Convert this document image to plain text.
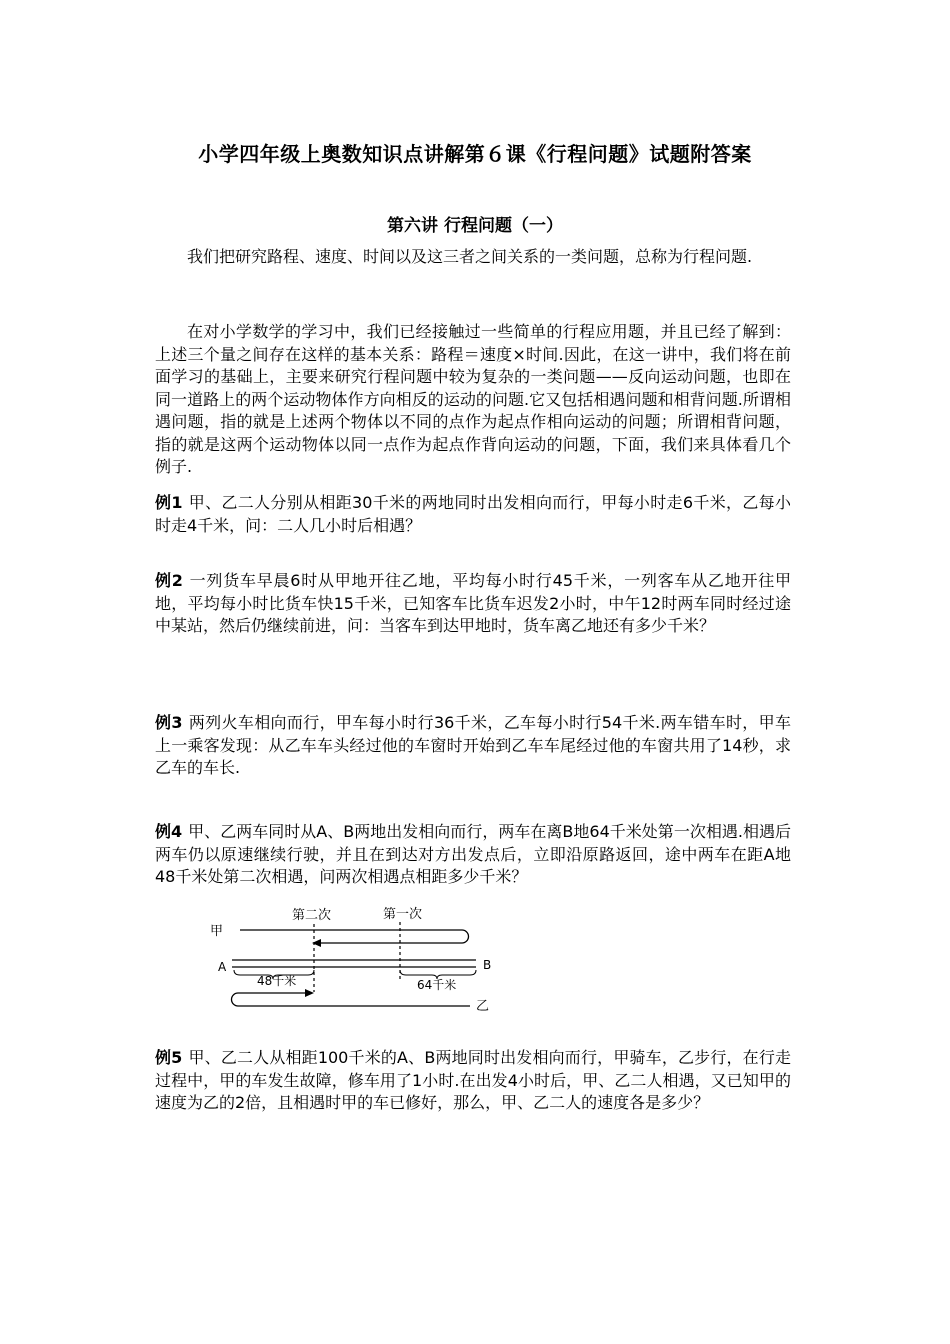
小学四年级上奥数知识点讲解第６课《行程问题》试题附答案
第六讲 行程问题（一）

我们把研究路程、速度、时间以及这三者之间关系的一类问题，总称为行程问题.

在对小学数学的学习中，我们已经接触过一些简单的行程应用题，并且已经了解到：上述三个量之间存在这样的基本关系：路程＝速度×时间.因此，在这一讲中，我们将在前面学习的基础上，主要来研究行程问题中较为复杂的一类问题——反向运动问题，也即在同一道路上的两个运动物体作方向相反的运动的问题.它又包括相遇问题和相背问题.所谓相遇问题，指的就是上述两个物体以不同的点作为起点作相向运动的问题；所谓相背问题，指的就是这两个运动物体以同一点作为起点作背向运动的问题，下面，我们来具体看几个例子.

例1 甲、乙二人分别从相距30千米的两地同时出发相向而行，甲每小时走6千米，乙每小时走4千米，问：二人几小时后相遇？

例2 一列货车早晨6时从甲地开往乙地，平均每小时行45千米，一列客车从乙地开往甲地，平均每小时比货车快15千米，已知客车比货车迟发2小时，中午12时两车同时经过途中某站，然后仍继续前进，问：当客车到达甲地时，货车离乙地还有多少千米？

例3 两列火车相向而行，甲车每小时行36千米，乙车每小时行54千米.两车错车时，甲车上一乘客发现：从乙车车头经过他的车窗时开始到乙车车尾经过他的车窗共用了14秒，求乙车的车长.

例4 甲、乙两车同时从A、B两地出发相向而行，两车在离B地64千米处第一次相遇.相遇后两车仍以原速继续行驶，并且在到达对方出发点后，立即沿原路返回，途中两车在距A地48千米处第二次相遇，问两次相遇点相距多少千米？

第二次	第一次
甲
A	B
48千米	64千米
乙

例5 甲、乙二人从相距100千米的A、B两地同时出发相向而行，甲骑车，乙步行，在行走过程中，甲的车发生故障，修车用了1小时.在出发4小时后，甲、乙二人相遇，又已知甲的速度为乙的2倍，且相遇时甲的车已修好，那么，甲、乙二人的速度各是多少？
